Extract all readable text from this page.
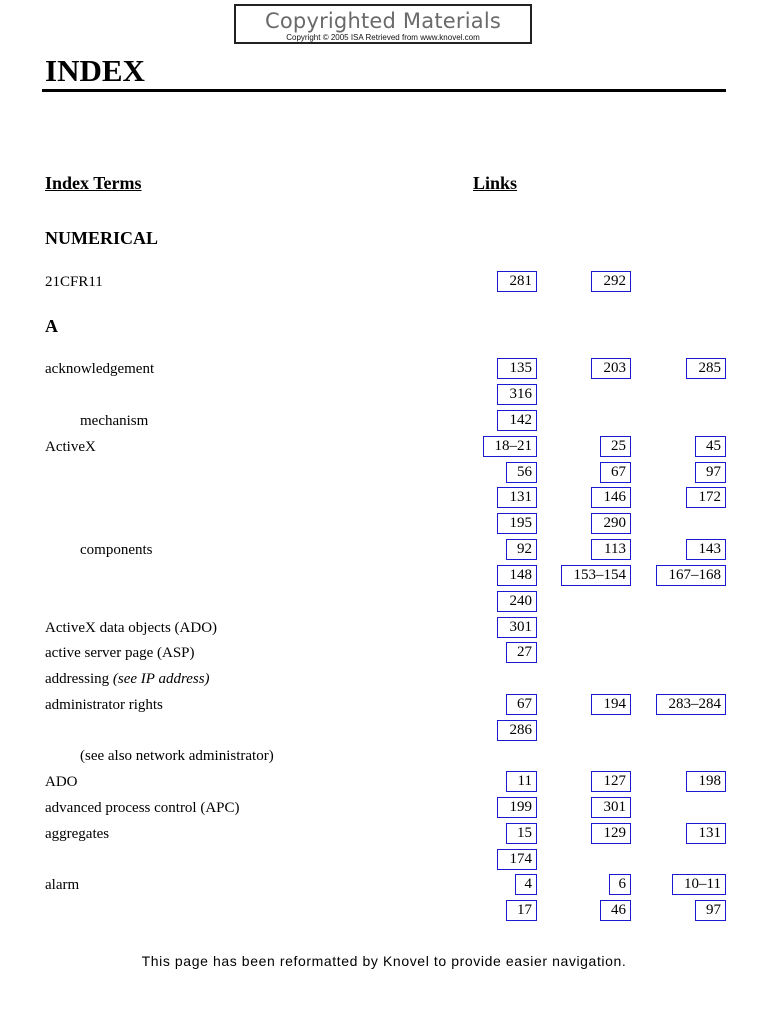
Copyrighted Materials
Copyright © 2005 ISA Retrieved from www.knovel.com
INDEX
Index Terms	Links
NUMERICAL
A
21CFR11	281	292
acknowledgement	135	203	285
316
mechanism	142
ActiveX	18–21	25	45
56	67	97
131	146	172
195	290
components	92	113	143
148	153–154	167–168
240
ActiveX data objects (ADO)	301
active server page (ASP)	27
addressing (see IP address)
administrator rights	67	194	283–284
286
(see also network administrator)
ADO	11	127	198
advanced process control (APC)	199	301
aggregates	15	129	131
174
alarm	4	6	10–11
17	46	97
This page has been reformatted by Knovel to provide easier navigation.
